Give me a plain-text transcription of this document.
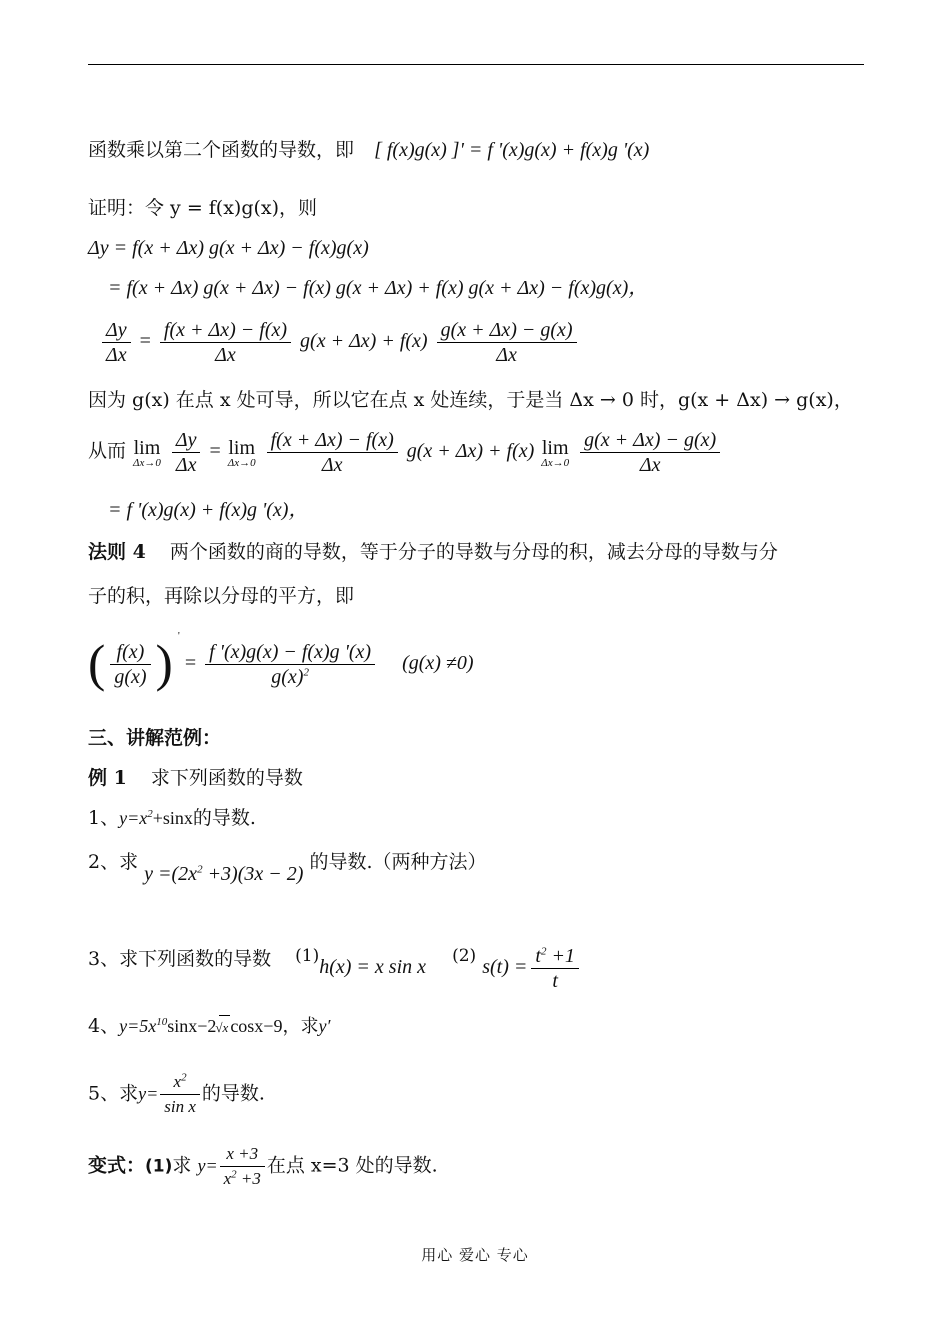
函数乘以第二个函数的导数，即 [ f(x)g(x) ]' = f '(x)g(x) + f(x)g '(x)
证明：令 y = f(x)g(x)，则
Δy = f(x + Δx) g(x + Δx) − f(x)g(x)
= f(x + Δx) g(x + Δx) − f(x) g(x + Δx) + f(x) g(x + Δx) − f(x)g(x)，
$\frac{\Delta y}{\Delta x} = \frac{f(x + \Delta x) - f(x)}{\Delta x} g(x + \Delta x) + f(x) \frac{g(x + \Delta x) - g(x)}{\Delta x}$
因为 g(x) 在点 x 处可导，所以它在点 x 处连续，于是当 Δx → 0 时，g(x + Δx) → g(x)，
从而 lim
Δx→0
$\frac{\Delta y}{\Delta x} = \lim$
Δx→0
$\frac{f(x + \Delta x) - f(x)}{\Delta x} g(x + \Delta x) + f(x)$ lim
Δx→0
$\frac{g(x + \Delta x) - g(x)}{\Delta x}$
= f '(x)g(x) + f(x)g '(x)，
法则 4 两个函数的商的导数，等于分子的导数与分母的积，减去分母的导数与分
子的积，再除以分母的平方，即
( $\frac{f(x)}{g(x)}$ ) $' = \frac{f '(x)g(x) - f(x)g '(x)}{g(x)^2} (g(x) \ne 0)$
三、讲解范例：
例 1 求下列函数的导数
1、$y=x^2+\sin x$的导数.
2、求 $y =(2x^2 +3)(3x - 2)$ 的导数.（两种方法）
3、求下列函数的导数 (1)h(x) = x sin x (2) $s(t) = \frac{t^2 +1}{t}$
4、$y=5x^{10}\sin x-2√x$ cosx−9，求y′
5、求$y= \frac{x^2}{\text{sin x}}$ 的导数.
变式：(1)求 $y= \frac{x +3}{x^2 +3}$ 在点 x=3 处的导数.
用心 爱心 专心
